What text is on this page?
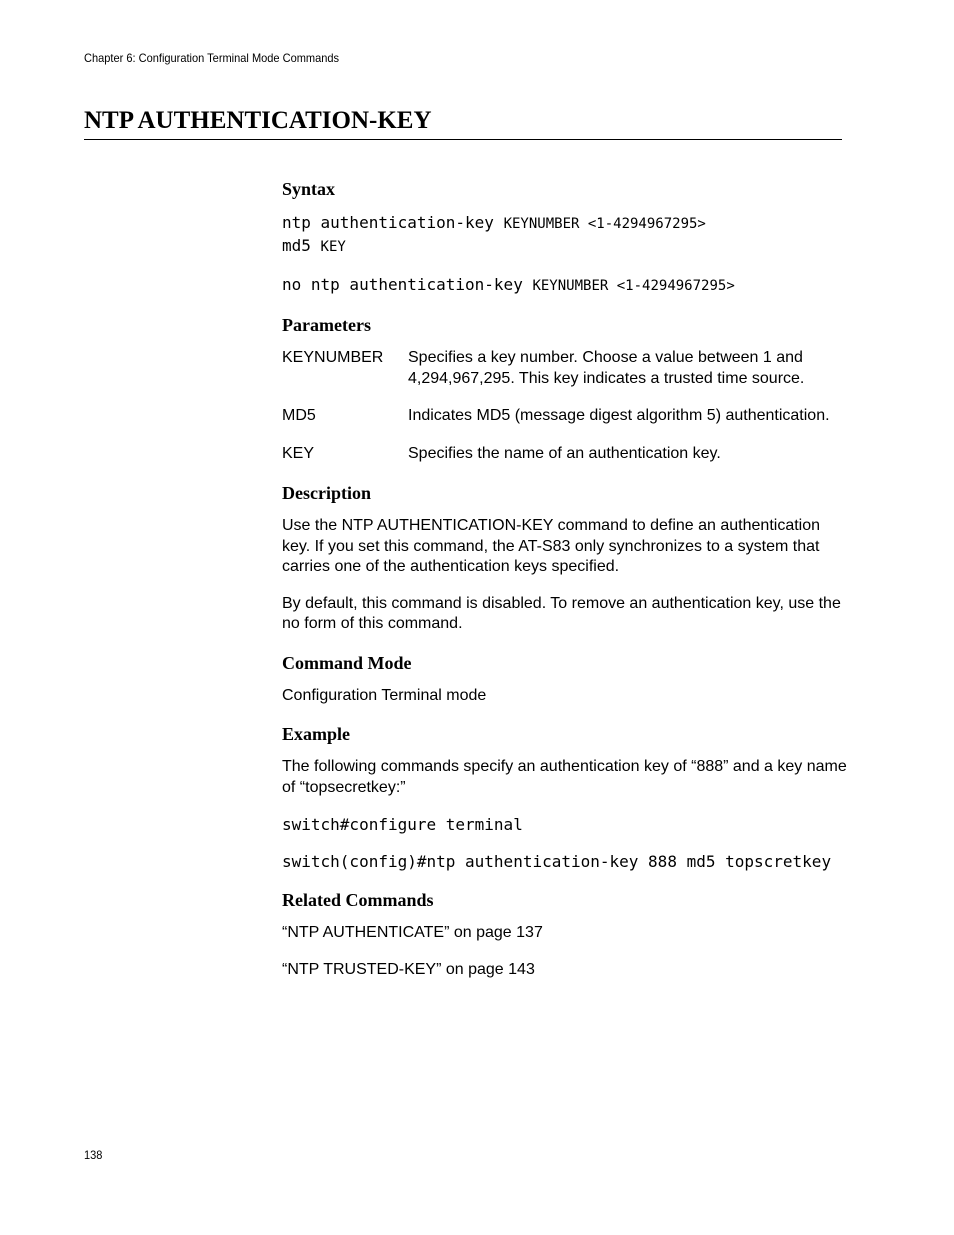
Chapter 6: Configuration Terminal Mode Commands
NTP AUTHENTICATION-KEY
Syntax
ntp authentication-key KEYNUMBER <1-4294967295>
md5 KEY
no ntp authentication-key KEYNUMBER <1-4294967295>
Parameters
KEYNUMBER	Specifies a key number. Choose a value between 1 and 4,294,967,295. This key indicates a trusted time source.
MD5	Indicates MD5 (message digest algorithm 5) authentication.
KEY	Specifies the name of an authentication key.
Description
Use the NTP AUTHENTICATION-KEY command to define an authentication key. If you set this command, the AT-S83 only synchronizes to a system that carries one of the authentication keys specified.
By default, this command is disabled. To remove an authentication key, use the no form of this command.
Command Mode
Configuration Terminal mode
Example
The following commands specify an authentication key of “888” and a key name of “topsecretkey:”
switch#configure terminal
switch(config)#ntp authentication-key 888 md5 topscretkey
Related Commands
“NTP AUTHENTICATE” on page 137
“NTP TRUSTED-KEY” on page 143
138
